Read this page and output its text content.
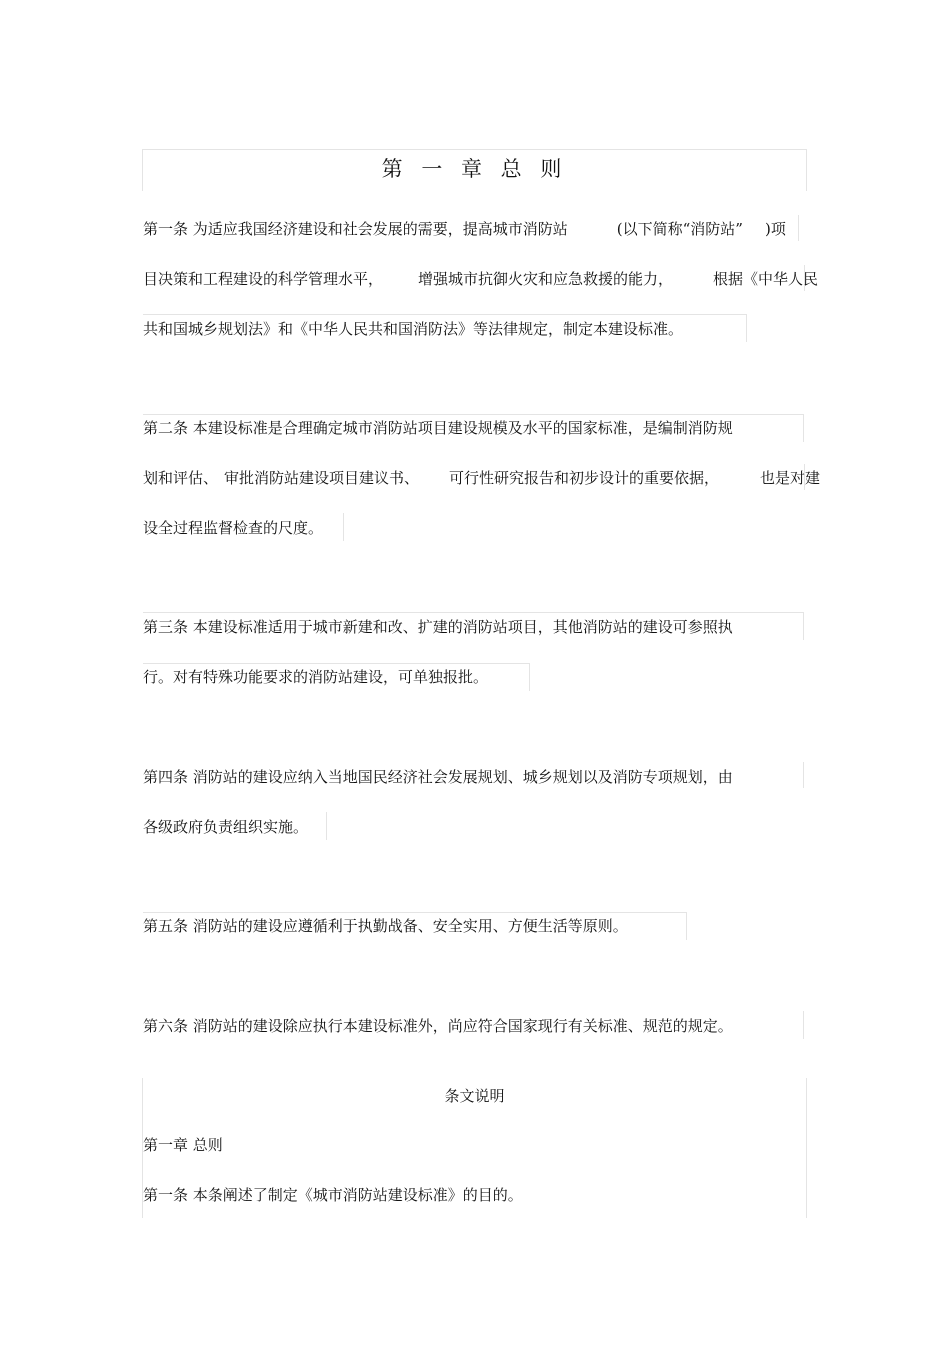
第 一 章 总 则
第一条 为适应我国经济建设和社会发展的需要，提高城市消防站	(以下简称“消防站” )项
目决策和工程建设的科学管理水平， 增强城市抗御火灾和应急救援的能力，	根据《中华人民
共和国城乡规划法》和《中华人民共和国消防法》等法律规定，制定本建设标准。
第二条 本建设标准是合理确定城市消防站项目建设规模及水平的国家标准，是编制消防规
划和评估、 审批消防站建设项目建议书、 可行性研究报告和初步设计的重要依据，	也是对建
设全过程监督检查的尺度。
第三条 本建设标准适用于城市新建和改、扩建的消防站项目，其他消防站的建设可参照执
行。对有特殊功能要求的消防站建设，可单独报批。
第四条 消防站的建设应纳入当地国民经济社会发展规划、城乡规划以及消防专项规划，由
各级政府负责组织实施。
第五条 消防站的建设应遵循利于执勤战备、安全实用、方便生活等原则。
第六条 消防站的建设除应执行本建设标准外，尚应符合国家现行有关标准、规范的规定。
条文说明
第一章 总则
第一条 本条阐述了制定《城市消防站建设标准》的目的。
